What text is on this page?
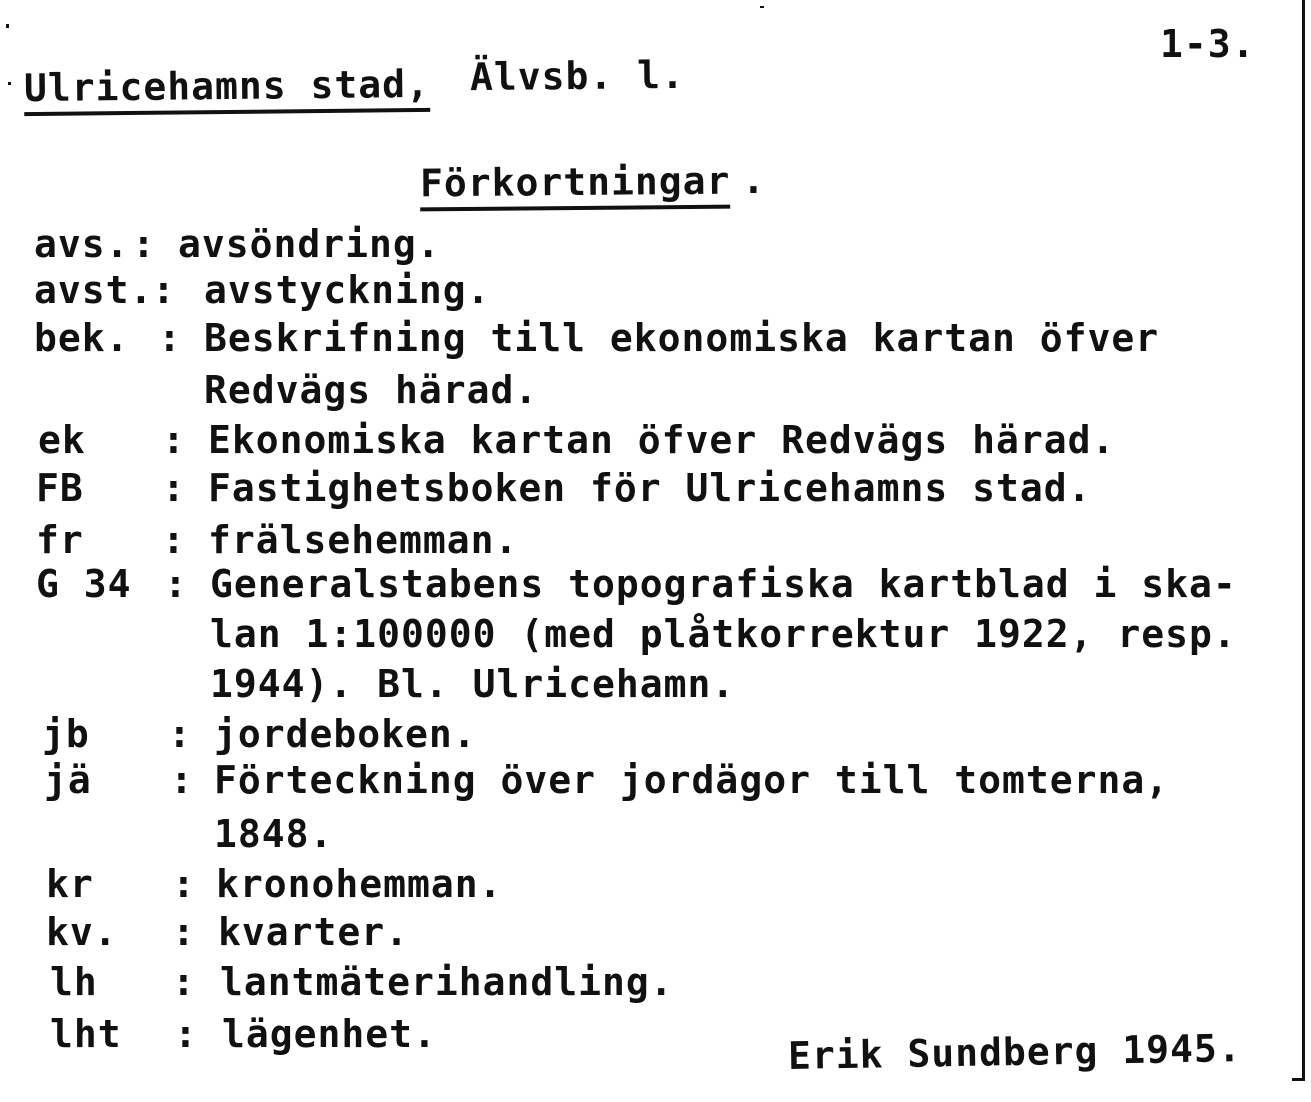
Ulricehamns stad, Älvsb. l.
1-3.
Förkortningar .
avs. : avsöndring.
avst.
: avstyckning.
bek. : Beskrifning till ekonomiska kartan öfver
Redvägs härad.
ek : Ekonomiska kartan öfver Redvägs härad.
FB : Fastighetsboken för Ulricehamns stad.
fr : frälsehemman.
G 34 : Generalstabens topografiska kartblad i ska-
lan 1:100000 (med plåtkorrektur 1922, resp.
1944). Bl. Ulricehamn.
jb : jordeboken.
jä : Förteckning över jordägor till tomterna,
1848.
kr : kronohemman.
kv. : kvarter.
lh : lantmäterihandling.
lht : lägenhet.	Erik Sundberg 1945.
